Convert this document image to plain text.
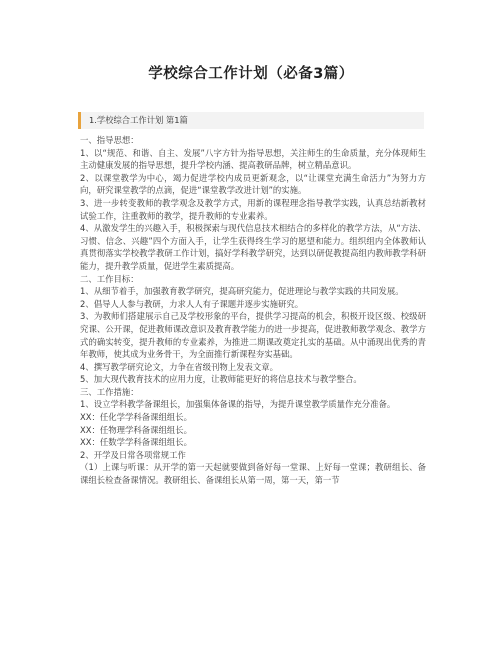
学校综合工作计划（必备3篇）
1.学校综合工作计划 第1篇

一、指导思想：

1、以“规范、和谐、自主、发展”八字方针为指导思想，关注师生的生命质量，充分体现师生主动健康发展的指导思想，提升学校内涵、提高教研品牌，树立精品意识。

2、以课堂教学为中心，竭力促进学校内成员更新观念，以“让课堂充满生命活力”为努力方向，研究课堂教学的点滴，促进“课堂教学改进计划”的实施。

3、进一步转变教师的教学观念及教学方式，用新的课程理念指导教学实践，认真总结新教材试验工作，注重教师的教学，提升教师的专业素养。

4、从激发学生的兴趣入手，积极探索与现代信息技术相结合的多样化的教学方法，从“方法、习惯、信念、兴趣”四个方面入手，让学生获得终生学习的愿望和能力。组织组内全体教师认真贯彻落实学校教学教研工作计划，搞好学科教学研究，达到以研促教提高组内教师教学科研能力，提升教学质量，促进学生素质提高。

二、工作目标：

1、从细节着手，加强教育教学研究，提高研究能力，促进理论与教学实践的共同发展。

2、倡导人人参与教研，力求人人有子课题并逐步实施研究。

3、为教师们搭建展示自己及学校形象的平台，提供学习提高的机会，积极开设区级、校级研究课、公开课，促进教师课改意识及教育教学能力的进一步提高，促进教师教学观念、教学方式的确实转变，提升教师的专业素养，为推进二期课改奠定扎实的基础。从中涌现出优秀的青年教师，使其成为业务骨干，为全面推行新课程夯实基础。

4、撰写教学研究论文，力争在省级刊物上发表文章。

5、加大现代教育技术的应用力度，让教师能更好的将信息技术与教学整合。

三、工作措施：

1、设立学科教学备课组长，加强集体备课的指导，为提升课堂教学质量作充分准备。

XX：任化学学科备课组组长。

XX：任物理学科备课组组长。

XX：任数学学科备课组组长。

2、开学及日常各项常规工作

（1）上课与听课：从开学的第一天起就要做到备好每一堂课、上好每一堂课；教研组长、备课组长检查备课情况。教研组长、备课组长从第一周，第一天，第一节
